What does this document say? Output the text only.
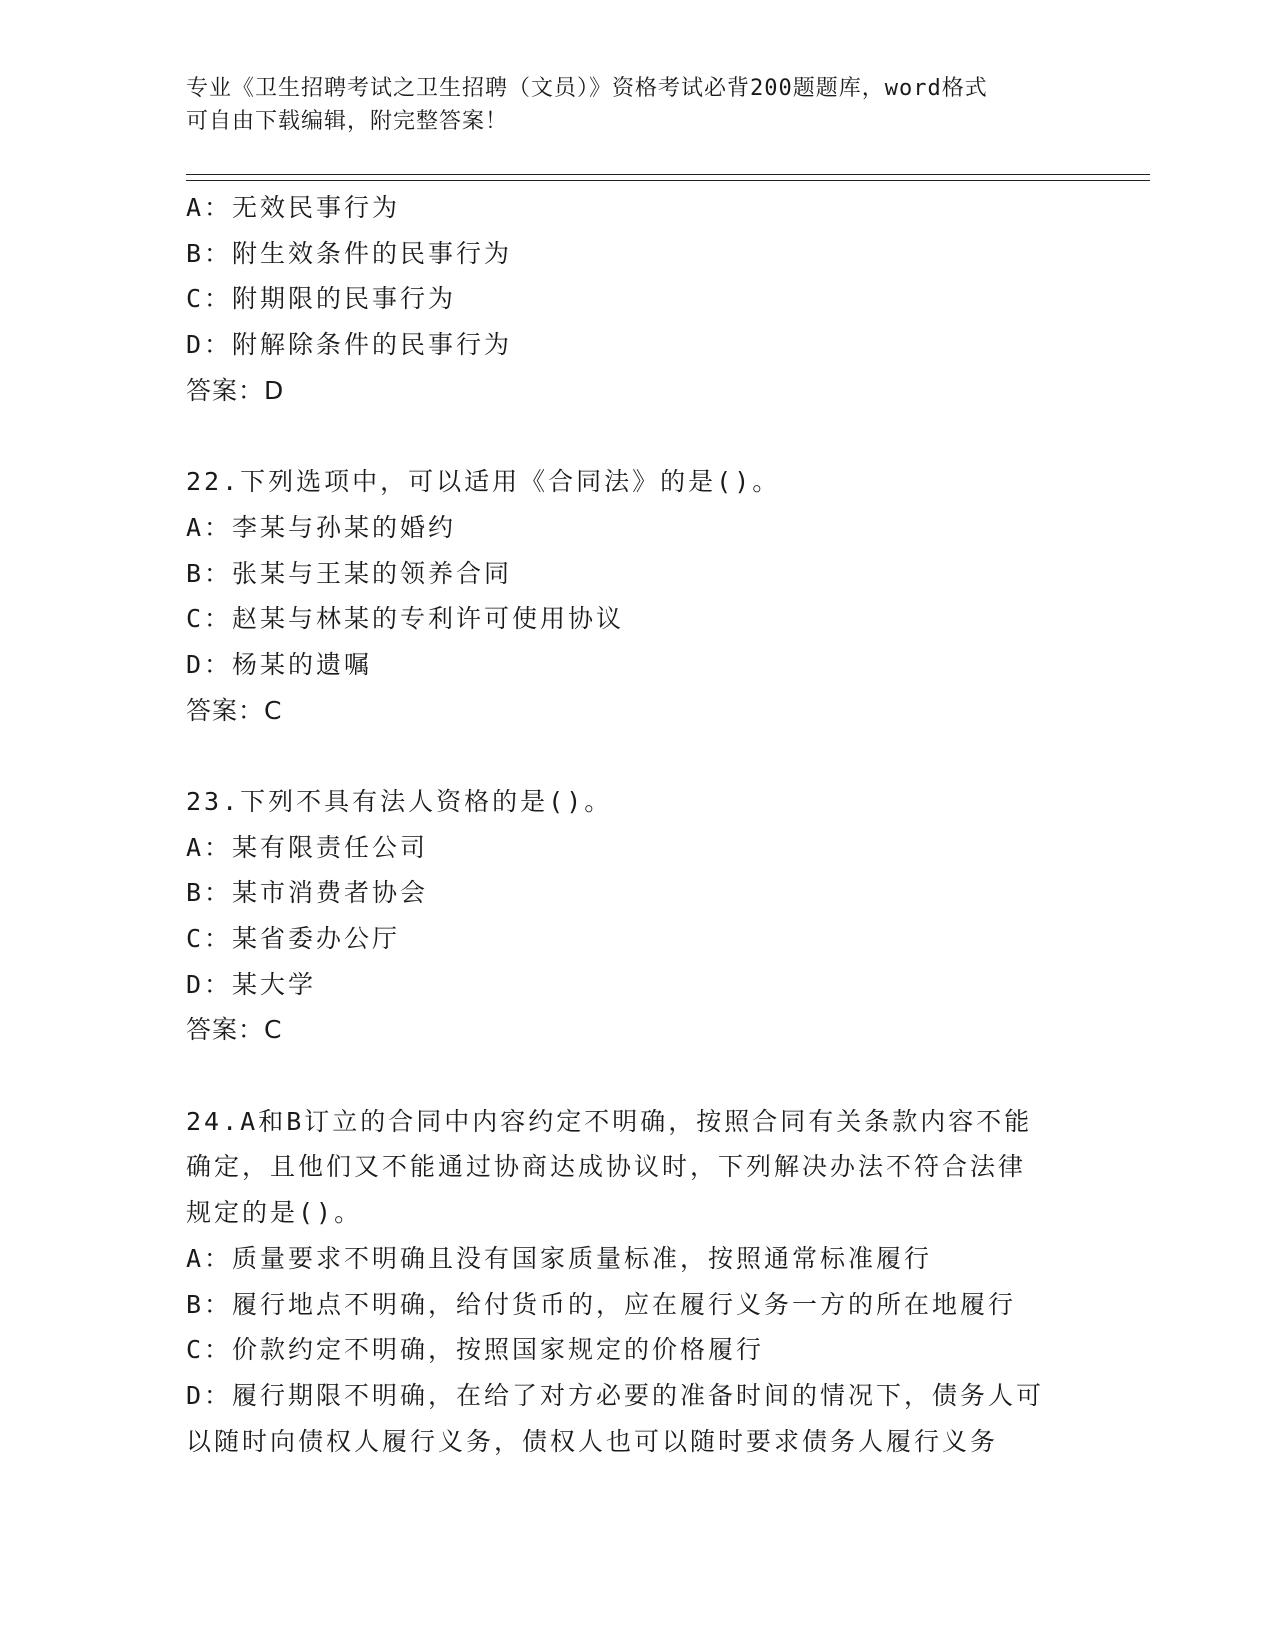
专业《卫生招聘考试之卫生招聘（文员）》资格考试必背200题题库，word格式
可自由下载编辑，附完整答案！
A：无效民事行为
B：附生效条件的民事行为
C：附期限的民事行为
D：附解除条件的民事行为
答案：D
22.下列选项中，可以适用《合同法》的是()。
A：李某与孙某的婚约
B：张某与王某的领养合同
C：赵某与林某的专利许可使用协议
D：杨某的遗嘱
答案：C
23.下列不具有法人资格的是()。
A：某有限责任公司
B：某市消费者协会
C：某省委办公厅
D：某大学
答案：C
24.A和B订立的合同中内容约定不明确，按照合同有关条款内容不能
确定，且他们又不能通过协商达成协议时，下列解决办法不符合法律
规定的是()。
A：质量要求不明确且没有国家质量标准，按照通常标准履行
B：履行地点不明确，给付货币的，应在履行义务一方的所在地履行
C：价款约定不明确，按照国家规定的价格履行
D：履行期限不明确，在给了对方必要的准备时间的情况下，债务人可
以随时向债权人履行义务，债权人也可以随时要求债务人履行义务
